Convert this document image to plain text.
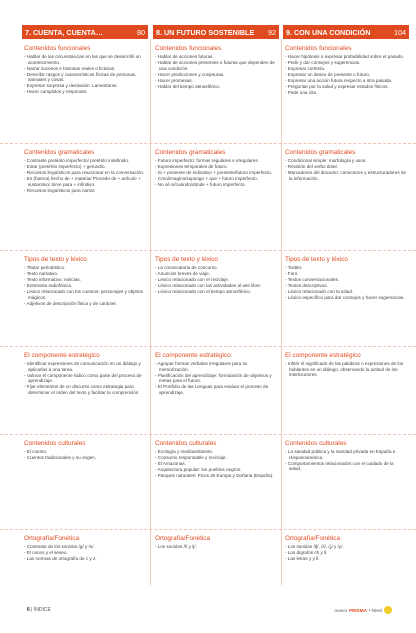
7. CUENTA, CUENTA…	80
Contenidos funcionales
- Hablar de las circunstancias en las que se desarrolló un acontecimiento.
- Narrar sucesos e historias reales o ficticias.
- Describir rasgos y características físicas de personas, animales y cosas.
- Expresar sorpresa y desilusión. Lamentarse.
- Hacer cumplidos y responder.
Contenidos gramaticales
- Contraste pretérito imperfecto/ pretérito indefinido.
- Estar (pretérito imperfecto) + gerundio.
- Recursos lingüísticos para reaccionar en la conversación.
- Es (ha/era) hecho de + materia/ Procede de + artículo + sustantivo/ Sirve para + infinitivo.
- Recursos lingüísticos para narrar.
Tipos de texto y léxico
- Titular periodístico.
- Texto narrativo.
- Texto informativo: noticias.
- Entrevista radiofónica.
- Léxico relacionado con los cuentos: personajes y objetos mágicos.
- Adjetivos de descripción física y de carácter.
El componente estratégico
- Identificar expresiones de comunicación en un diálogo y aplicarlas a una tarea.
- Valorar el componente lúdico como parte del proceso de aprendizaje.
- Fijar elementos de un discurso como estrategia para determinar el orden del texto y facilitar la comprensión.
Contenidos culturales
- El cuento.
- Cuentos tradicionales y su origen.
Ortografía/Fonética
- Contraste de los sonidos /g/ y /x/.
- El ceceo y el seseo.
- Las normas de ortografía de c y z.
8. UN FUTURO SOSTENIBLE 92
Contenidos funcionales
- Hablar de acciones futuras.
- Hablar de acciones presentes o futuras que dependen de una condición.
- Hacer predicciones y conjeturas.
- Hacer promesas.
- Hablar del tiempo atmosférico.
Contenidos gramaticales
- Futuro imperfecto: formas regulares e irregulares.
- Expresiones temporales de futuro.
- Si + presente de indicativo + presente/futuro imperfecto.
- Creo/imagino/supongo + que + futuro imperfecto.
- No sé si/cuándo/dónde + futuro imperfecto.
Tipos de texto y léxico
- La convocatoria de concurso.
- Anuncios breves de viaje.
- Léxico relacionado con el reciclaje.
- Léxico relacionado con las actividades al aire libre.
- Léxico relacionado con el tiempo atmosférico.
El componente estratégico
- Agrupar formas verbales irregulares para su memorización.
- Planificación del aprendizaje: formulación de objetivos y metas para el futuro.
- El Portfolio de las Lenguas para evaluar el proceso de aprendizaje.
Contenidos culturales
- Ecología y medioambiente.
- Consumo responsable y reciclaje.
- El Amazonas.
- Arquitectura popular: los pueblos negros.
- Parques naturales: Picos de Europa y Doñana (España).
Ortografía/Fonética
- Los sonidos /l/ y /j/.
9. CON UNA CONDICIÓN	104
Contenidos funcionales
- Hacer hipótesis o expresar probabilidad sobre el pasado.
- Pedir y dar consejos y sugerencias.
- Expresar cortesía.
- Expresar un deseo de presente o futuro.
- Expresar una acción futura respecto a otra pasada.
- Preguntar por la salud y expresar estados físicos.
- Pedir una cita.
Contenidos gramaticales
- Condicional simple: morfología y usos.
- Revisión del verbo doler.
- Marcadores del discurso: conectores y estructuradores de la información.
Tipos de texto y léxico
- Twitter.
- Foro.
- Textos conversacionales.
- Textos descriptivos.
- Léxico relacionado con la salud.
- Léxico específico para dar consejos y hacer sugerencias.
El componente estratégico
- Inferir el significado de las palabras o expresiones de los hablantes en un diálogo, observando la actitud de los interlocutores.
Contenidos culturales
- La sanidad pública y la sanidad privada en España e Hispanoamérica.
- Comportamientos relacionados con el cuidado de la salud.
Ortografía/Fonética
- Los sonidos /tʃ/, /ʎ/, /ʝ/ y /y/.
- Los dígrafos ch y ll.
- Las letras y y ll.
6 | ÍNDICE	nuevo PRISMA • Nivel
